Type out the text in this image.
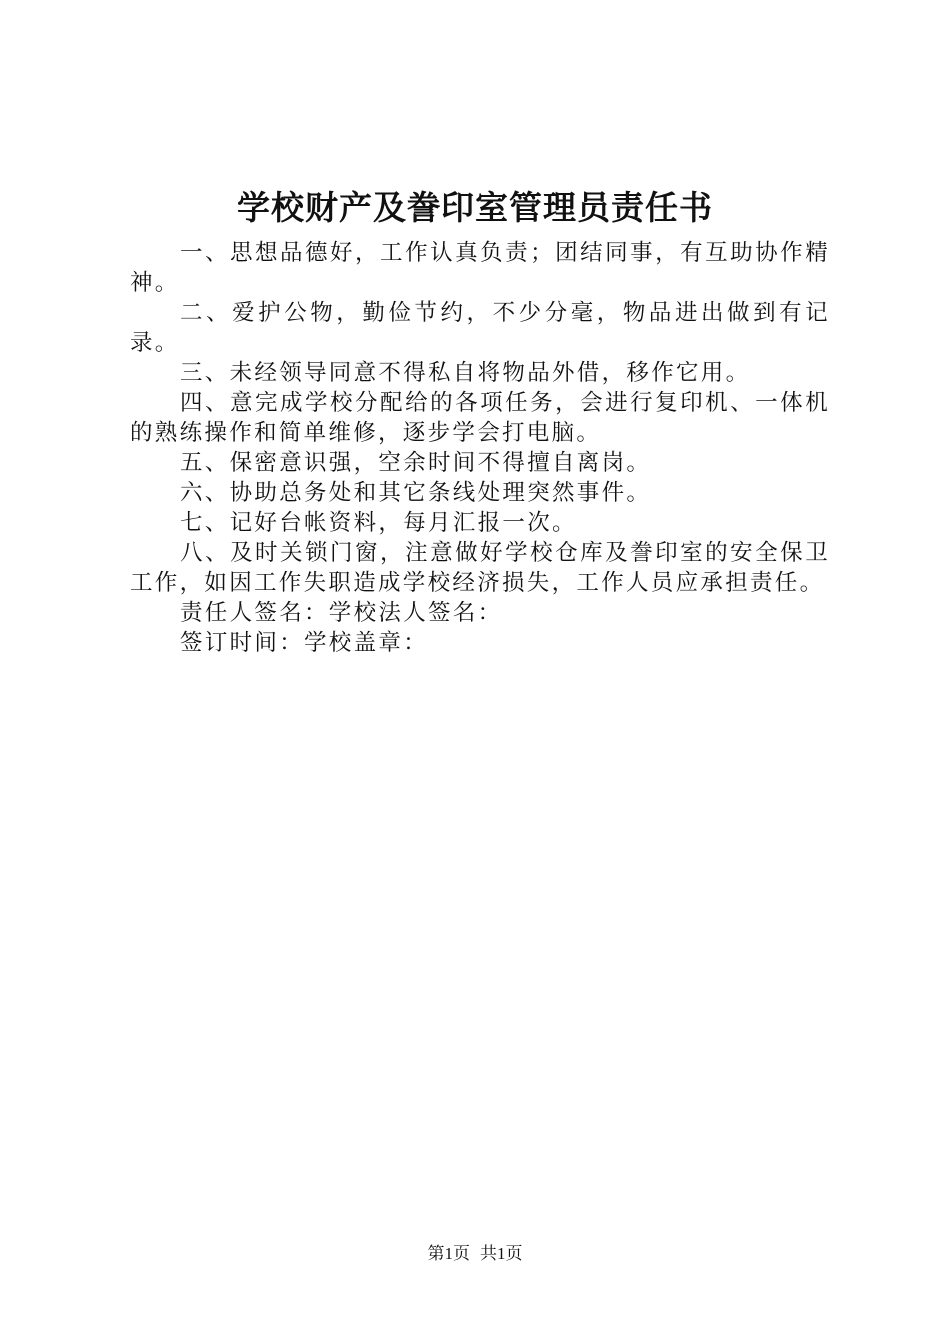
学校财产及誊印室管理员责任书

一、思想品德好，工作认真负责；团结同事，有互助协作精神。

二、爱护公物，勤俭节约，不少分毫，物品进出做到有记录。

三、未经领导同意不得私自将物品外借，移作它用。

四、意完成学校分配给的各项任务，会进行复印机、一体机的熟练操作和简单维修，逐步学会打电脑。

五、保密意识强，空余时间不得擅自离岗。

六、协助总务处和其它条线处理突然事件。

七、记好台帐资料，每月汇报一次。

八、及时关锁门窗，注意做好学校仓库及誊印室的安全保卫工作，如因工作失职造成学校经济损失，工作人员应承担责任。

责任人签名：学校法人签名：

签订时间：学校盖章：

第1页 共1页
